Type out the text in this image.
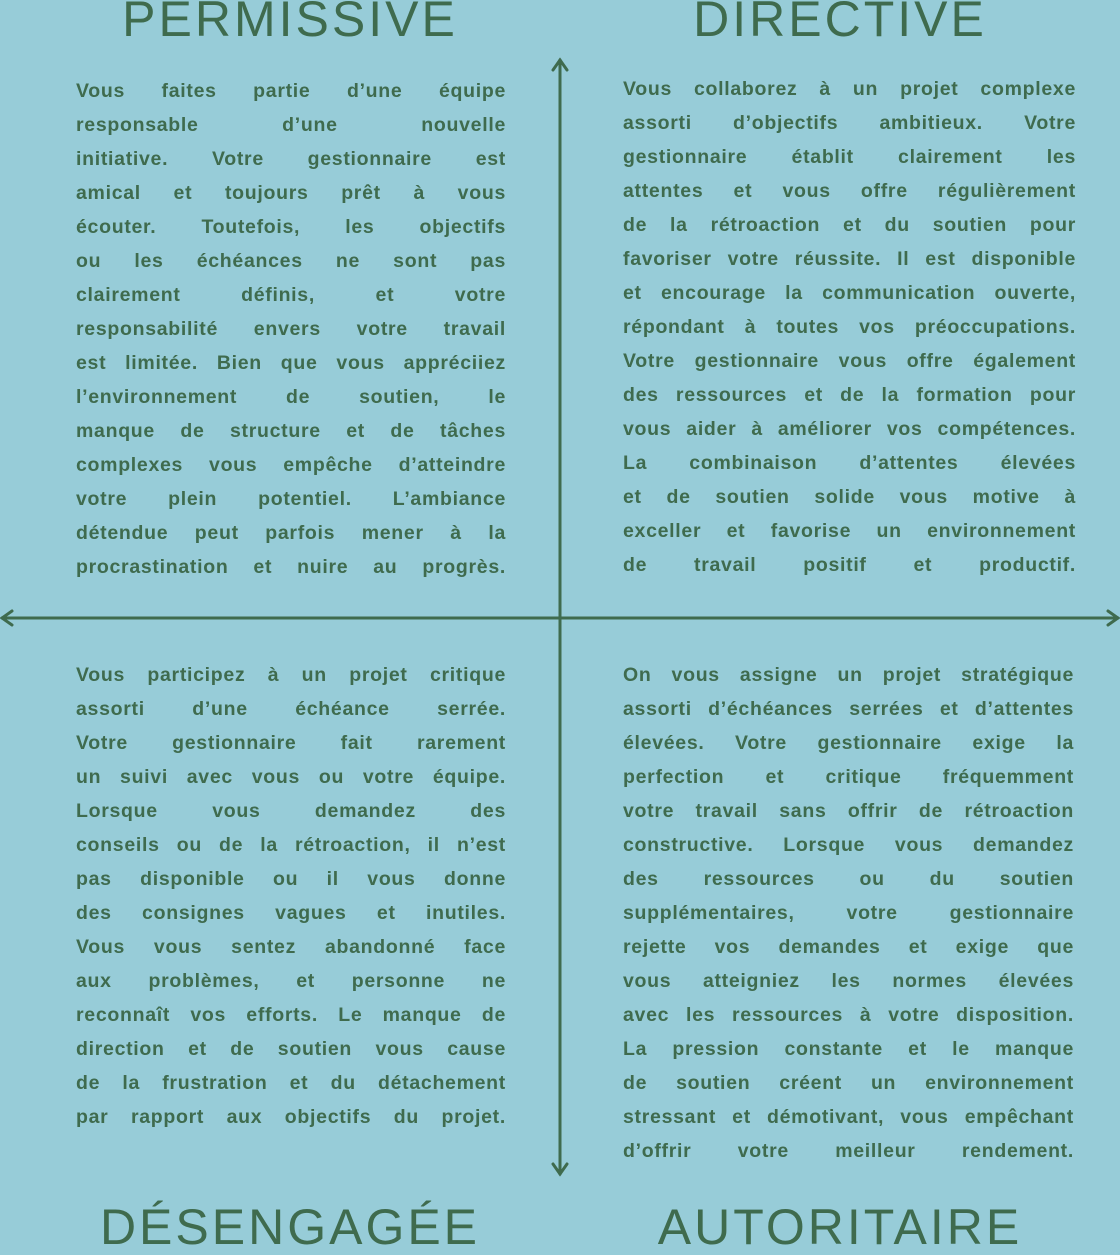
PERMISSIVE	DIRECTIVE
DÉSENGAGÉE	AUTORITAIRE
Vous faites partie d’une équipe
responsable d’une nouvelle
initiative. Votre gestionnaire est
amical et toujours prêt à vous
écouter. Toutefois, les objectifs
ou les échéances ne sont pas
clairement définis, et votre
responsabilité envers votre travail
est limitée. Bien que vous appréciiez
l’environnement de soutien, le
manque de structure et de tâches
complexes vous empêche d’atteindre
votre plein potentiel. L’ambiance
détendue peut parfois mener à la
procrastination et nuire au progrès.
Vous collaborez à un projet complexe
assorti d’objectifs ambitieux. Votre
gestionnaire établit clairement les
attentes et vous offre régulièrement
de la rétroaction et du soutien pour
favoriser votre réussite. Il est disponible
et encourage la communication ouverte,
répondant à toutes vos préoccupations.
Votre gestionnaire vous offre également
des ressources et de la formation pour
vous aider à améliorer vos compétences.
La combinaison d’attentes élevées
et de soutien solide vous motive à
exceller et favorise un environnement
de travail positif et productif.
Vous participez à un projet critique
assorti d’une échéance serrée.
Votre gestionnaire fait rarement
un suivi avec vous ou votre équipe.
Lorsque vous demandez des
conseils ou de la rétroaction, il n’est
pas disponible ou il vous donne
des consignes vagues et inutiles.
Vous vous sentez abandonné face
aux problèmes, et personne ne
reconnaît vos efforts. Le manque de
direction et de soutien vous cause
de la frustration et du détachement
par rapport aux objectifs du projet.
On vous assigne un projet stratégique
assorti d’échéances serrées et d’attentes
élevées. Votre gestionnaire exige la
perfection et critique fréquemment
votre travail sans offrir de rétroaction
constructive. Lorsque vous demandez
des ressources ou du soutien
supplémentaires, votre gestionnaire
rejette vos demandes et exige que
vous atteigniez les normes élevées
avec les ressources à votre disposition.
La pression constante et le manque
de soutien créent un environnement
stressant et démotivant, vous empêchant
d’offrir votre meilleur rendement.
